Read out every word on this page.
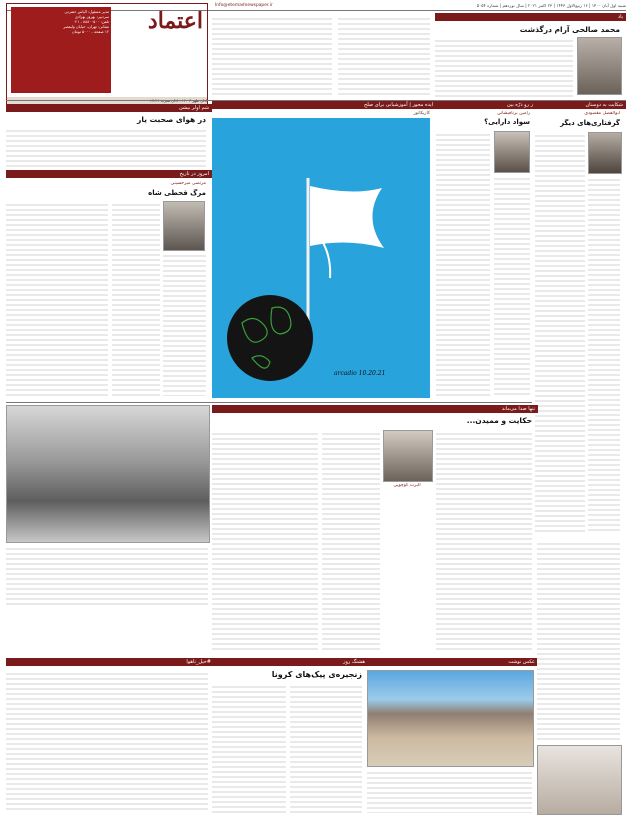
شنبه اول آبان ۱۴۰۰ | ۱۶ ربیع‌الاول ۱۴۴۳ | ۲۳ اکتبر ۲۰۲۱ | سال نوزدهم | شماره ۵۰۵۴
یاد
Info@etemadnewspaper.ir
اعتماد
مدیر مسئول: الیاس حضرتی
سردبیر: بهروز بهزادی
تلفن: ۸۸۸۰۰۵۰۰ - ۰۲۱
نشانی: تهران، خیابان ولیعصر
۱۲ صفحه - ۵۰۰۰ تومان	محمد صالحی آرام درگذشت
شم اولر بیشن
در هوای صحبت یار
امروز در تاریخ
مرتضی میرحسینی
مرگ قحطی شاه
ایده محور | آموزشیابی برای صلح
کاریکاتور
arcadio 10.20.21
ز رو درّه بین
رامین برنافیشانی
سواد دارایی؟
شکایت به دوستان
ابوالفضل مقصودی
گرفتاری‌های دیگر
تنها صدا می‌ماند
حکایت و ممیدن...
آلبرت کوچویی
هشتگ روز
زنجیره‌ی پیک‌های کرونا
#خیل_تاهوا	عکس نوشت
